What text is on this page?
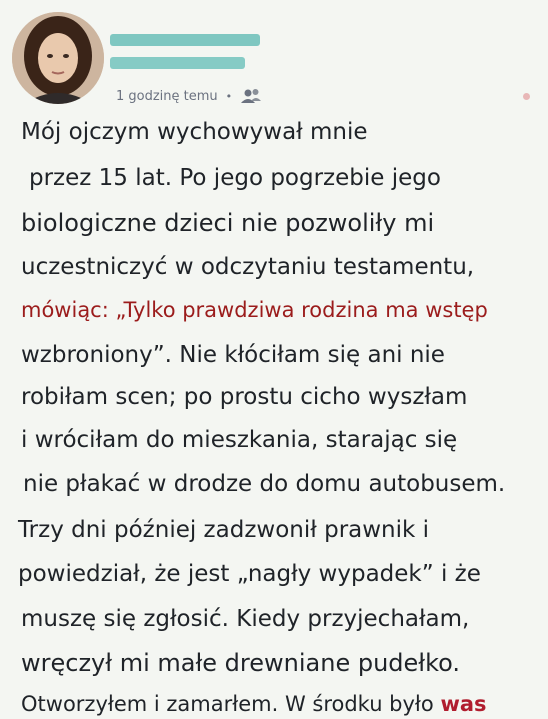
1 godzinę temu •
Mój ojczym wychowywał mnie
przez 15 lat. Po jego pogrzebie jego
biologiczne dzieci nie pozwoliły mi
uczestniczyć w odczytaniu testamentu,
mówiąc: „Tylko prawdziwa rodzina ma wstęp
wzbroniony”. Nie kłóciłam się ani nie
robiłam scen; po prostu cicho wyszłam
i wróciłam do mieszkania, starając się
nie płakać w drodze do domu autobusem.
Trzy dni później zadzwonił prawnik i
powiedział, że jest „nagły wypadek” i że
muszę się zgłosić. Kiedy przyjechałam,
wręczył mi małe drewniane pudełko.
Otworzyłem i zamarłem. W środku było was
